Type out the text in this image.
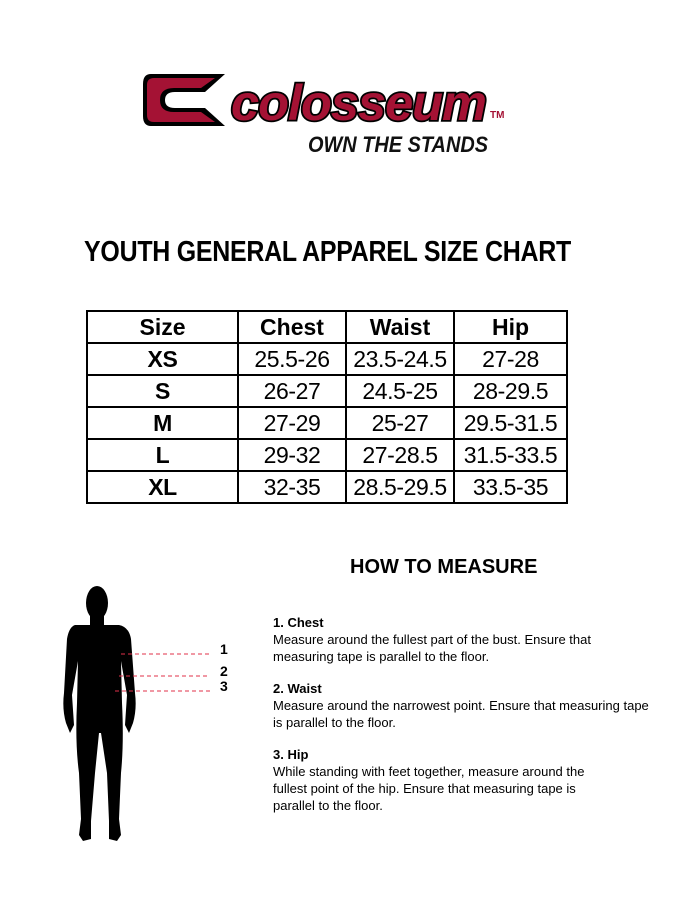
colosseum TM
OWN THE STANDS
YOUTH GENERAL APPAREL SIZE CHART
Size	Chest	Waist	Hip
XS	25.5-26	23.5-24.5	27-28
S	26-27	24.5-25	28-29.5
M	27-29	25-27	29.5-31.5
L	29-32	27-28.5	31.5-33.5
XL	32-35	28.5-29.5	33.5-35
HOW TO MEASURE
1
2
3
1. Chest
Measure around the fullest part of the bust. Ensure that measuring tape is parallel to the floor.
2. Waist
Measure around the narrowest point. Ensure that measuring tape is parallel to the floor.
3. Hip
While standing with feet together, measure around the fullest point of the hip. Ensure that measuring tape is parallel to the floor.
